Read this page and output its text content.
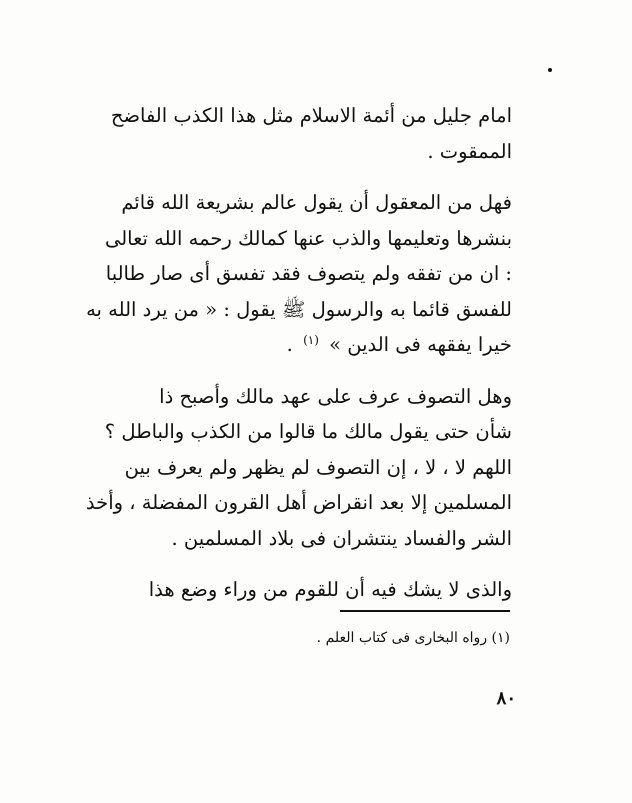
امام جليل من أئمة الاسلام مثل هذا الكذب الفاضح
الممقوت .

فهل من المعقول أن يقول عالم بشريعة الله قائم
بنشرها وتعليمها والذب عنها كمالك رحمه الله تعالى
: ان من تفقه ولم يتصوف فقد تفسق أى صار طالبا
للفسق قائما به والرسول ﷺ يقول : « من يرد الله به
خيرا يفقهه فى الدين » $^{(١)}$ .

وهل التصوف عرف على عهد مالك وأصبح ذا
شأن حتى يقول مالك ما قالوا من الكذب والباطل ؟
اللهم لا ، لا ، إن التصوف لم يظهر ولم يعرف بين
المسلمين إلا بعد انقراض أهل القرون المفضلة ، وأخذ
الشر والفساد ينتشران فى بلاد المسلمين .

والذى لا يشك فيه أن للقوم من وراء وضع هذا

(١) رواه البخارى فى كتاب العلم .
٨٠
